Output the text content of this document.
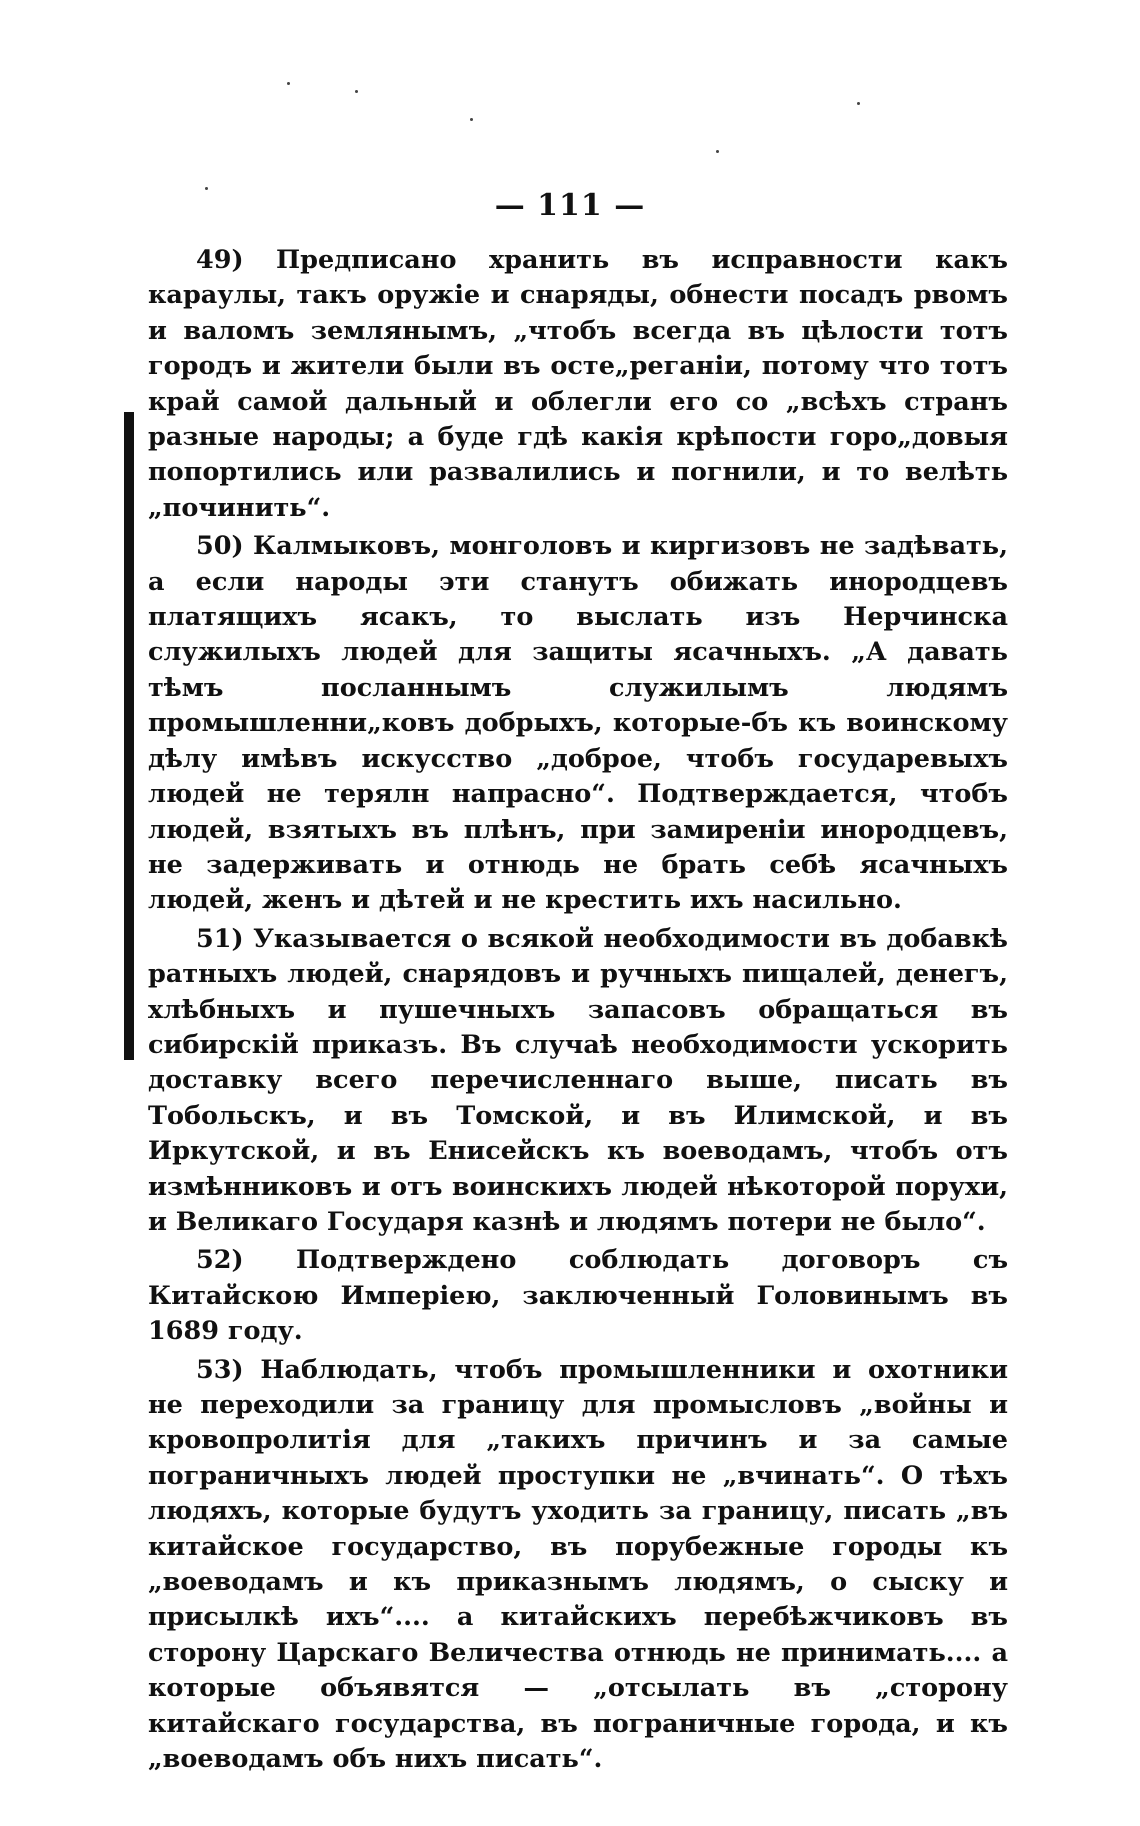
— 111 —

49) Предписано хранить въ исправности какъ караулы, такъ оружіе и снаряды, обнести посадъ рвомъ и валомъ землянымъ, „чтобъ всегда въ цѣлости тотъ городъ и жители были въ осте„реганіи, потому что тотъ край самой дальный и облегли его со „всѣхъ странъ разные народы; а буде гдѣ какія крѣпости горо„довыя попортились или развалились и погнили, и то велѣть „починить“.

50) Калмыковъ, монголовъ и киргизовъ не задѣвать, а если народы эти станутъ обижать инородцевъ платящихъ ясакъ, то выслать изъ Нерчинска служилыхъ людей для защиты ясачныхъ. „А давать тѣмъ посланнымъ служилымъ людямъ промышленни„ковъ добрыхъ, которые-бъ къ воинскому дѣлу имѣвъ искусство „доброе, чтобъ государевыхъ людей не терялн напрасно“. Подтверждается, чтобъ людей, взятыхъ въ плѣнъ, при замиреніи инородцевъ, не задерживать и отнюдь не брать себѣ ясачныхъ людей, женъ и дѣтей и не крестить ихъ насильно.

51) Указывается о всякой необходимости въ добавкѣ ратныхъ людей, снарядовъ и ручныхъ пищалей, денегъ, хлѣбныхъ и пушечныхъ запасовъ обращаться въ сибирскій приказъ. Въ случаѣ необходимости ускорить доставку всего перечисленнаго выше, писать въ Тобольскъ, и въ Томской, и въ Илимской, и въ Иркутской, и въ Енисейскъ къ воеводамъ, чтобъ отъ измѣнниковъ и отъ воинскихъ людей нѣкоторой порухи, и Великаго Государя казнѣ и людямъ потери не было“.

52) Подтверждено соблюдать договоръ съ Китайскою Имперіею, заключенный Головинымъ въ 1689 году.

53) Наблюдать, чтобъ промышленники и охотники не переходили за границу для промысловъ „войны и кровопролитія для „такихъ причинъ и за самые пограничныхъ людей проступки не „вчинать“. О тѣхъ людяхъ, которые будутъ уходить за границу, писать „въ китайское государство, въ порубежные городы къ „воеводамъ и къ приказнымъ людямъ, о сыску и присылкѣ ихъ“.... а китайскихъ перебѣжчиковъ въ сторону Царскаго Величества отнюдь не принимать.... а которые объявятся — „отсылать въ „сторону китайскаго государства, въ пограничные города, и къ „воеводамъ объ нихъ писать“.
